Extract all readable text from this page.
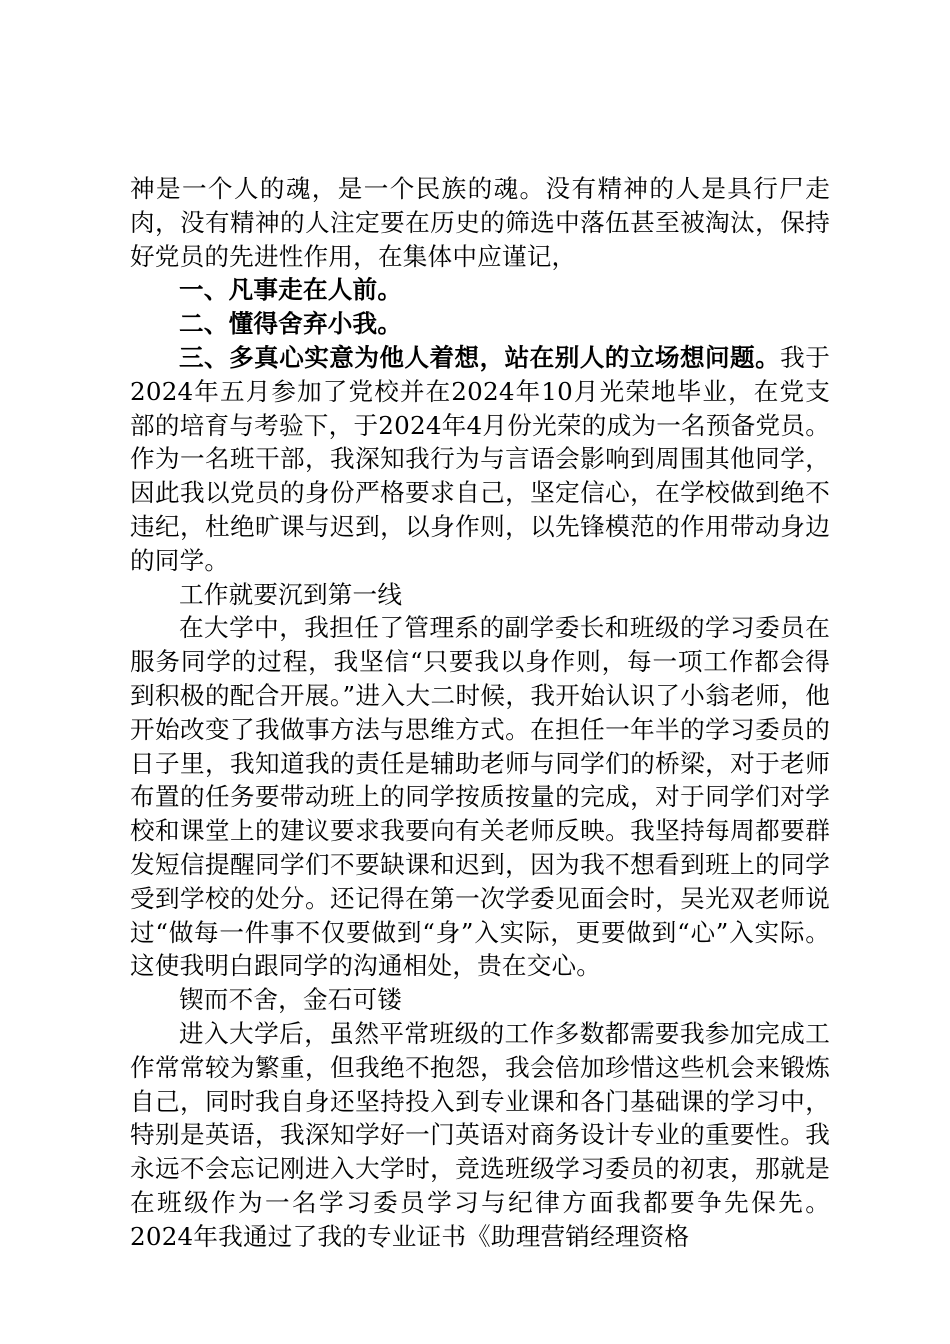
神是一个人的魂，是一个民族的魂。没有精神的人是具行尸走肉，没有精神的人注定要在历史的筛选中落伍甚至被淘汰，保持好党员的先进性作用，在集体中应谨记，

一、凡事走在人前。

二、懂得舍弃小我。

三、多真心实意为他人着想，站在别人的立场想问题。我于2024年五月参加了党校并在2024年10月光荣地毕业，在党支部的培育与考验下，于2024年4月份光荣的成为一名预备党员。作为一名班干部，我深知我行为与言语会影响到周围其他同学，因此我以党员的身份严格要求自己，坚定信心，在学校做到绝不违纪，杜绝旷课与迟到，以身作则，以先锋模范的作用带动身边的同学。

工作就要沉到第一线

在大学中，我担任了管理系的副学委长和班级的学习委员在服务同学的过程，我坚信“只要我以身作则，每一项工作都会得到积极的配合开展。”进入大二时候，我开始认识了小翁老师，他开始改变了我做事方法与思维方式。在担任一年半的学习委员的日子里，我知道我的责任是辅助老师与同学们的桥梁，对于老师布置的任务要带动班上的同学按质按量的完成，对于同学们对学校和课堂上的建议要求我要向有关老师反映。我坚持每周都要群发短信提醒同学们不要缺课和迟到，因为我不想看到班上的同学受到学校的处分。还记得在第一次学委见面会时，吴光双老师说过“做每一件事不仅要做到“身”入实际，更要做到“心”入实际。这使我明白跟同学的沟通相处，贵在交心。

锲而不舍，金石可镂

进入大学后，虽然平常班级的工作多数都需要我参加完成工作常常较为繁重，但我绝不抱怨，我会倍加珍惜这些机会来锻炼自己，同时我自身还坚持投入到专业课和各门基础课的学习中，特别是英语，我深知学好一门英语对商务设计专业的重要性。我永远不会忘记刚进入大学时，竞选班级学习委员的初衷，那就是在班级作为一名学习委员学习与纪律方面我都要争先保先。2024年我通过了我的专业证书《助理营销经理资格
